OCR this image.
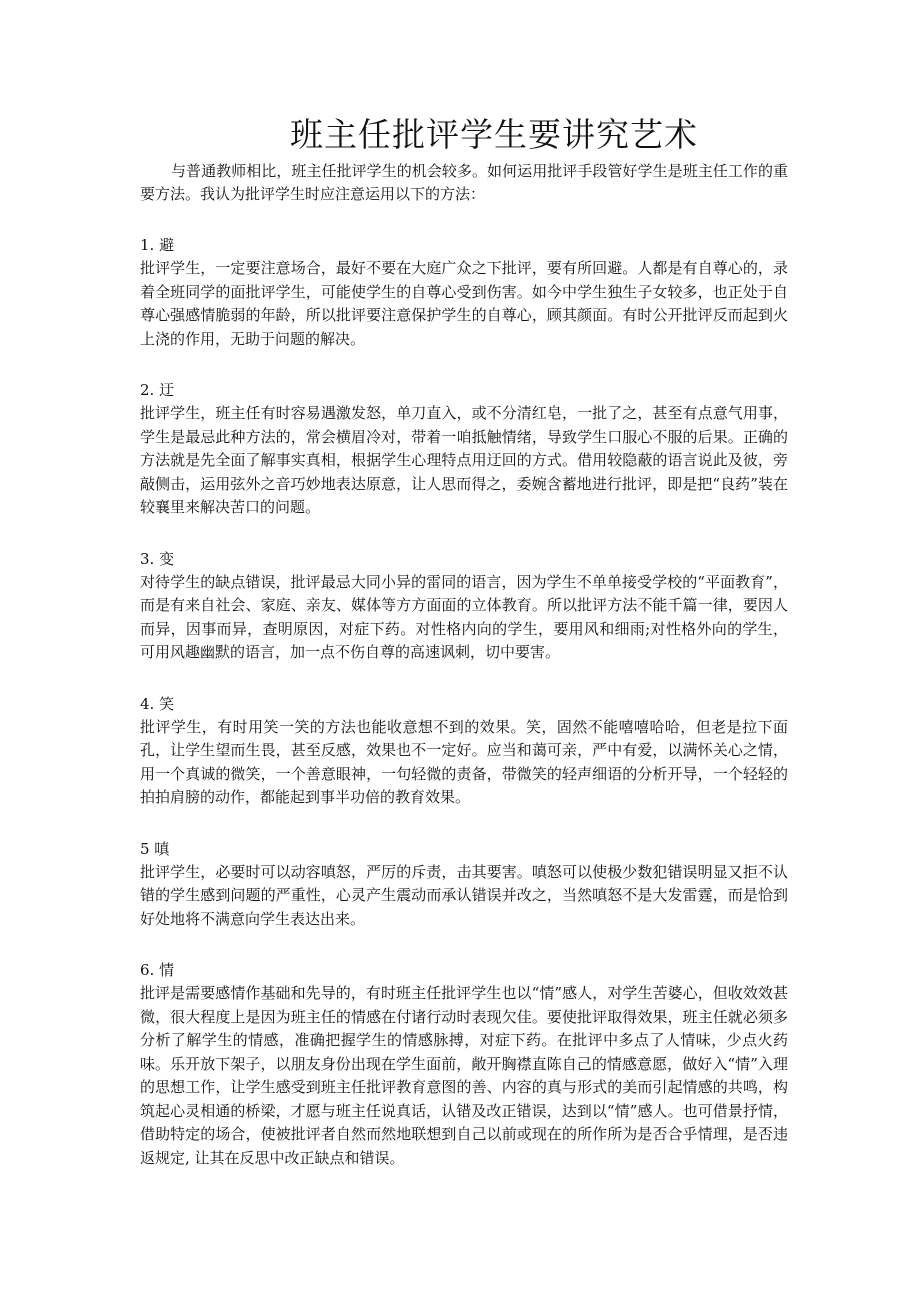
班主任批评学生要讲究艺术

与普通教师相比，班主任批评学生的机会较多。如何运用批评手段管好学生是班主任工作的重要方法。我认为批评学生时应注意运用以下的方法：

1. 避

批评学生，一定要注意场合，最好不要在大庭广众之下批评，要有所回避。人都是有自尊心的，录着全班同学的面批评学生，可能使学生的自尊心受到伤害。如今中学生独生子女较多，也正处于自尊心强感情脆弱的年龄，所以批评要注意保护学生的自尊心，顾其颜面。有时公开批评反而起到火上浇的作用，无助于问题的解决。

2. 迂

批评学生，班主任有时容易遇激发怒，单刀直入，或不分清红皂，一批了之，甚至有点意气用事，学生是最忌此种方法的，常会横眉冷对，带着一咱抵触情绪，导致学生口服心不服的后果。正确的方法就是先全面了解事实真相，根据学生心理特点用迂回的方式。借用较隐蔽的语言说此及彼，旁敲侧击，运用弦外之音巧妙地表达原意，让人思而得之，委婉含蓄地进行批评，即是把“良药”装在较襄里来解决苦口的问题。

3. 变

对待学生的缺点错误，批评最忌大同小异的雷同的语言，因为学生不单单接受学校的“平面教育”，而是有来自社会、家庭、亲友、媒体等方方面面的立体教育。所以批评方法不能千篇一律，要因人而异，因事而异，查明原因，对症下药。对性格内向的学生，要用风和细雨;对性格外向的学生，可用风趣幽默的语言，加一点不伤自尊的高速讽刺，切中要害。

4. 笑

批评学生，有时用笑一笑的方法也能收意想不到的效果。笑，固然不能嘻嘻哈哈，但老是拉下面孔，让学生望而生畏，甚至反感，效果也不一定好。应当和蔼可亲，严中有爱，以满怀关心之情，用一个真诚的微笑，一个善意眼神，一句轻微的责备，带微笑的轻声细语的分析开导，一个轻轻的拍拍肩膀的动作，都能起到事半功倍的教育效果。

5 嗔

批评学生，必要时可以动容嗔怒，严厉的斥责，击其要害。嗔怒可以使极少数犯错误明显又拒不认错的学生感到问题的严重性，心灵产生震动而承认错误并改之，当然嗔怒不是大发雷霆，而是恰到好处地将不满意向学生表达出来。

6. 情

批评是需要感情作基础和先导的，有时班主任批评学生也以“情”感人，对学生苦婆心，但收效效甚微，很大程度上是因为班主任的情感在付诸行动时表现欠佳。要使批评取得效果，班主任就必须多分析了解学生的情感，准确把握学生的情感脉搏，对症下药。在批评中多点了人情味，少点火药味。乐开放下架子，以朋友身份出现在学生面前，敞开胸襟直陈自己的情感意愿，做好入“情”入理的思想工作，让学生感受到班主任批评教育意图的善、内容的真与形式的美而引起情感的共鸣，构筑起心灵相通的桥梁，才愿与班主任说真话，认错及改正错误，达到以“情”感人。也可借景抒情，借助特定的场合，使被批评者自然而然地联想到自己以前或现在的所作所为是否合乎情理，是否违返规定, 让其在反思中改正缺点和错误。
